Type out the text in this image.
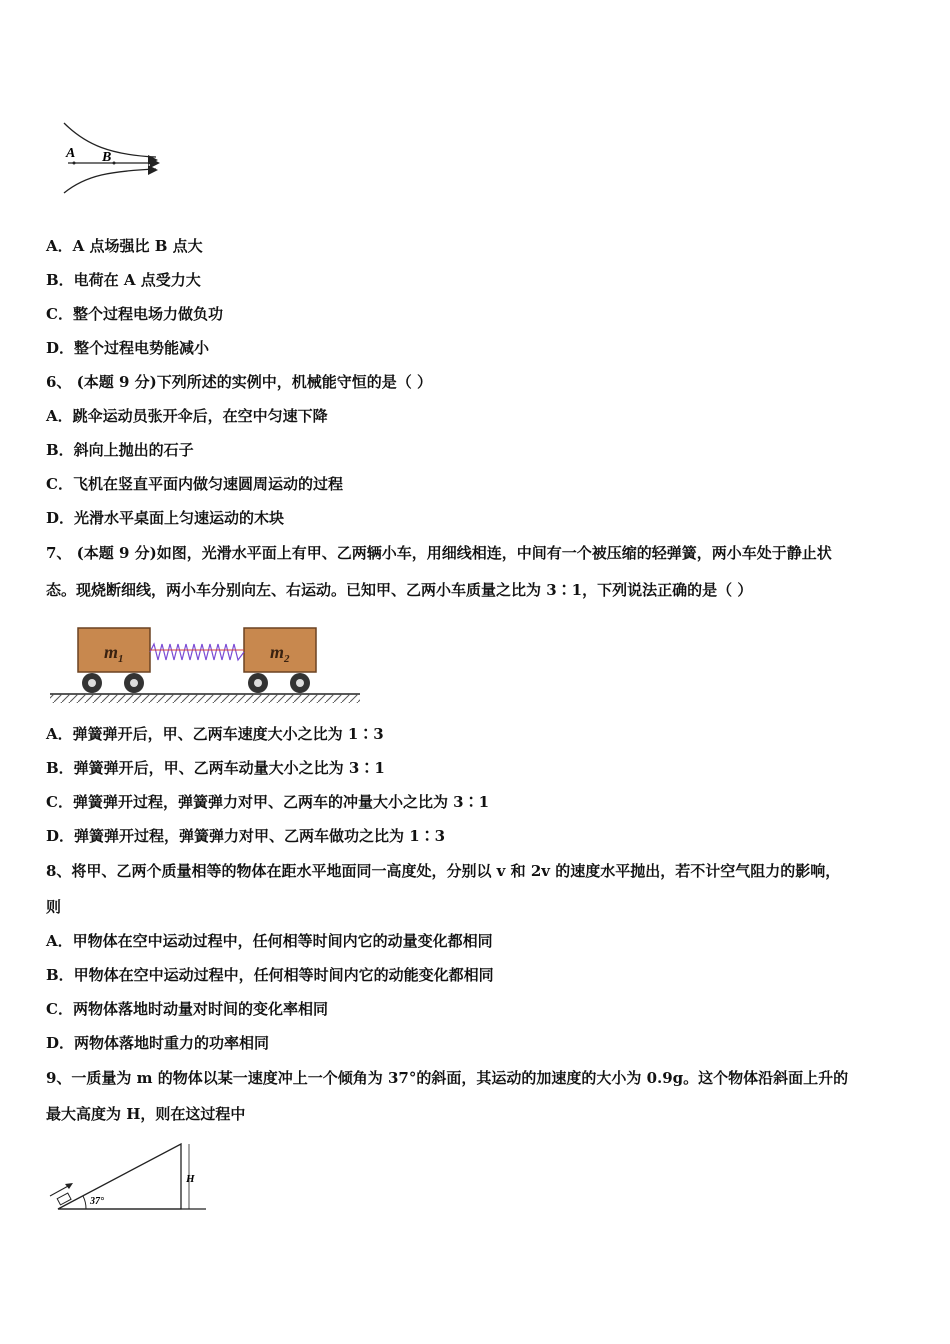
A B
A．A 点场强比 B 点大
B．电荷在 A 点受力大
C．整个过程电场力做负功
D．整个过程电势能减小
6、 (本题 9 分)下列所述的实例中，机械能守恒的是（ ）
A．跳伞运动员张开伞后，在空中匀速下降
B．斜向上抛出的石子
C．飞机在竖直平面内做匀速圆周运动的过程
D．光滑水平桌面上匀速运动的木块
7、 (本题 9 分)如图，光滑水平面上有甲、乙两辆小车，用细线相连，中间有一个被压缩的轻弹簧，两小车处于静止状
态。现烧断细线，两小车分别向左、右运动。已知甲、乙两小车质量之比为 3∶1，下列说法正确的是（ ）
$m_1$	$m_2$
A．弹簧弹开后，甲、乙两车速度大小之比为 1∶3
B．弹簧弹开后，甲、乙两车动量大小之比为 3∶1
C．弹簧弹开过程，弹簧弹力对甲、乙两车的冲量大小之比为 3∶1
D．弹簧弹开过程，弹簧弹力对甲、乙两车做功之比为 1∶3
8、将甲、乙两个质量相等的物体在距水平地面同一高度处，分别以 v 和 2v 的速度水平抛出，若不计空气阻力的影响，
则
A．甲物体在空中运动过程中，任何相等时间内它的动量变化都相同
B．甲物体在空中运动过程中，任何相等时间内它的动能变化都相同
C．两物体落地时动量对时间的变化率相同
D．两物体落地时重力的功率相同
9、一质量为 m 的物体以某一速度冲上一个倾角为 37°的斜面，其运动的加速度的大小为 0.9g。这个物体沿斜面上升的
最大高度为 H，则在这过程中
H
37°
